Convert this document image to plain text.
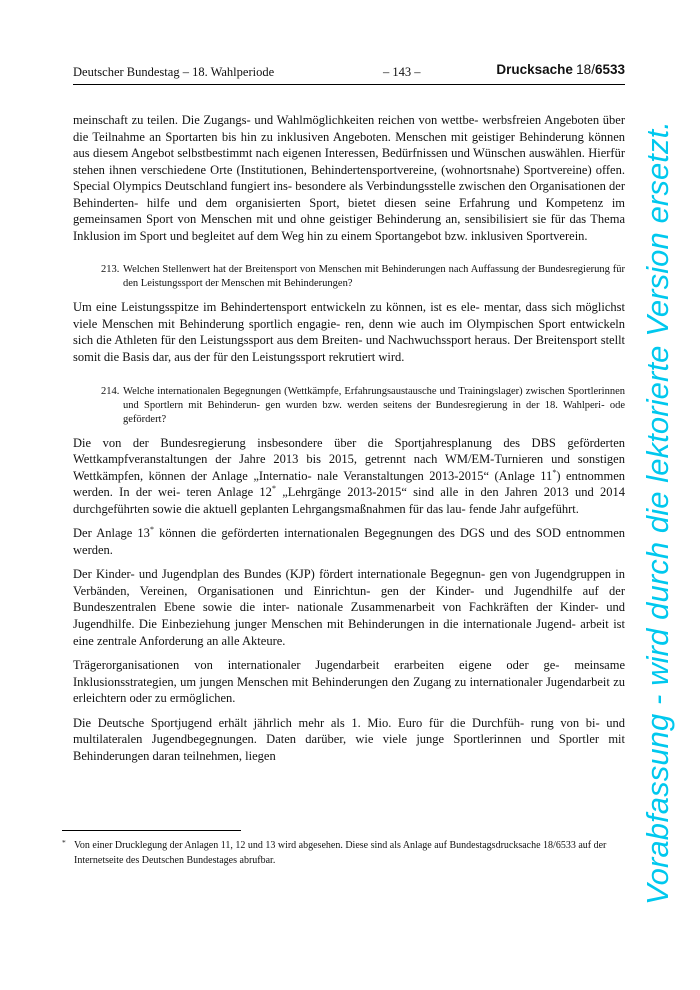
Deutscher Bundestag – 18. Wahlperiode	– 143 –	Drucksache 18/6533

meinschaft zu teilen. Die Zugangs- und Wahlmöglichkeiten reichen von wettbe- werbsfreien Angeboten über die Teilnahme an Sportarten bis hin zu inklusiven Angeboten. Menschen mit geistiger Behinderung können aus diesem Angebot selbstbestimmt nach eigenen Interessen, Bedürfnissen und Wünschen auswählen. Hierfür stehen ihnen verschiedene Orte (Institutionen, Behindertensportvereine, (wohnortsnahe) Sportvereine) offen. Special Olympics Deutschland fungiert ins- besondere als Verbindungsstelle zwischen den Organisationen der Behinderten- hilfe und dem organisierten Sport, bietet diesen seine Erfahrung und Kompetenz im gemeinsamen Sport von Menschen mit und ohne geistiger Behinderung an, sensibilisiert sie für das Thema Inklusion im Sport und begleitet auf dem Weg hin zu einem Sportangebot bzw. inklusiven Sportverein.

213. Welchen Stellenwert hat der Breitensport von Menschen mit Behinderungen nach Auffassung der Bundesregierung für den Leistungssport der Menschen mit Behinderungen?

Um eine Leistungsspitze im Behindertensport entwickeln zu können, ist es ele- mentar, dass sich möglichst viele Menschen mit Behinderung sportlich engagie- ren, denn wie auch im Olympischen Sport entwickeln sich die Athleten für den Leistungssport aus dem Breiten- und Nachwuchssport heraus. Der Breitensport stellt somit die Basis dar, aus der für den Leistungssport rekrutiert wird.

214. Welche internationalen Begegnungen (Wettkämpfe, Erfahrungsaustausche und Trainingslager) zwischen Sportlerinnen und Sportlern mit Behinderun- gen wurden bzw. werden seitens der Bundesregierung in der 18. Wahlperi- ode gefördert?

Die von der Bundesregierung insbesondere über die Sportjahresplanung des DBS geförderten Wettkampfveranstaltungen der Jahre 2013 bis 2015, getrennt nach WM/EM-Turnieren und sonstigen Wettkämpfen, können der Anlage „Internatio- nale Veranstaltungen 2013-2015“ (Anlage 11*) entnommen werden. In der wei- teren Anlage 12* „Lehrgänge 2013-2015“ sind alle in den Jahren 2013 und 2014 durchgeführten sowie die aktuell geplanten Lehrgangsmaßnahmen für das lau- fende Jahr aufgeführt.

Der Anlage 13* können die geförderten internationalen Begegnungen des DGS und des SOD entnommen werden.

Der Kinder- und Jugendplan des Bundes (KJP) fördert internationale Begegnun- gen von Jugendgruppen in Verbänden, Vereinen, Organisationen und Einrichtun- gen der Kinder- und Jugendhilfe auf der Bundeszentralen Ebene sowie die inter- nationale Zusammenarbeit von Fachkräften der Kinder- und Jugendhilfe. Die Einbeziehung junger Menschen mit Behinderungen in die internationale Jugend- arbeit ist eine zentrale Anforderung an alle Akteure.

Trägerorganisationen von internationaler Jugendarbeit erarbeiten eigene oder ge- meinsame Inklusionsstrategien, um jungen Menschen mit Behinderungen den Zugang zu internationaler Jugendarbeit zu erleichtern oder zu ermöglichen.

Die Deutsche Sportjugend erhält jährlich mehr als 1. Mio. Euro für die Durchfüh- rung von bi- und multilateralen Jugendbegegnungen. Daten darüber, wie viele junge Sportlerinnen und Sportler mit Behinderungen daran teilnehmen, liegen

* Von einer Drucklegung der Anlagen 11, 12 und 13 wird abgesehen. Diese sind als Anlage auf Bundestagsdrucksache 18/6533 auf der
Internetseite des Deutschen Bundestages abrufbar.	Vorabfassung - wird durch die lektorierte Version ersetzt.
